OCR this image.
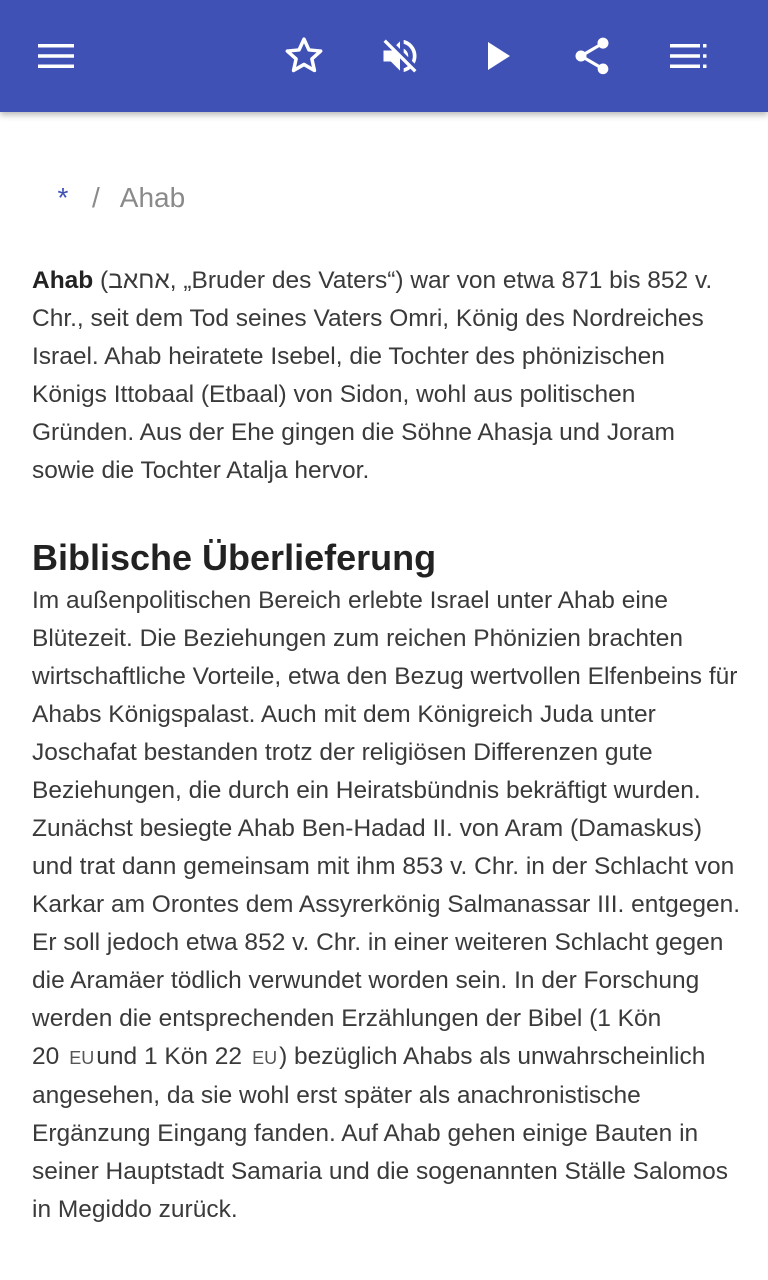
* / Ahab

Ahab (אחאב, „Bruder des Vaters“) war von etwa 871 bis 852 v. Chr., seit dem Tod seines Vaters Omri, König des Nordreiches Israel. Ahab heiratete Isebel, die Tochter des phönizischen Königs Ittobaal (Etbaal) von Sidon, wohl aus politischen Gründen. Aus der Ehe gingen die Söhne Ahasja und Joram sowie die Tochter Atalja hervor.

Biblische Überlieferung

Im außenpolitischen Bereich erlebte Israel unter Ahab eine Blütezeit. Die Beziehungen zum reichen Phönizien brachten wirtschaftliche Vorteile, etwa den Bezug wertvollen Elfenbeins für Ahabs Königspalast. Auch mit dem Königreich Juda unter Joschafat bestanden trotz der religiösen Differenzen gute Beziehungen, die durch ein Heiratsbündnis bekräftigt wurden. Zunächst besiegte Ahab Ben-Hadad II. von Aram (Damaskus) und trat dann gemeinsam mit ihm 853 v. Chr. in der Schlacht von Karkar am Orontes dem Assyrerkönig Salmanassar III. entgegen. Er soll jedoch etwa 852 v. Chr. in einer weiteren Schlacht gegen die Aramäer tödlich verwundet worden sein. In der Forschung werden die entsprechenden Erzählungen der Bibel (1 Kön 20 EUund 1 Kön 22 EU) bezüglich Ahabs als unwahrscheinlich angesehen, da sie wohl erst später als anachronistische Ergänzung Eingang fanden. Auf Ahab gehen einige Bauten in seiner Hauptstadt Samaria und die sogenannten Ställe Salomos in Megiddo zurück.
